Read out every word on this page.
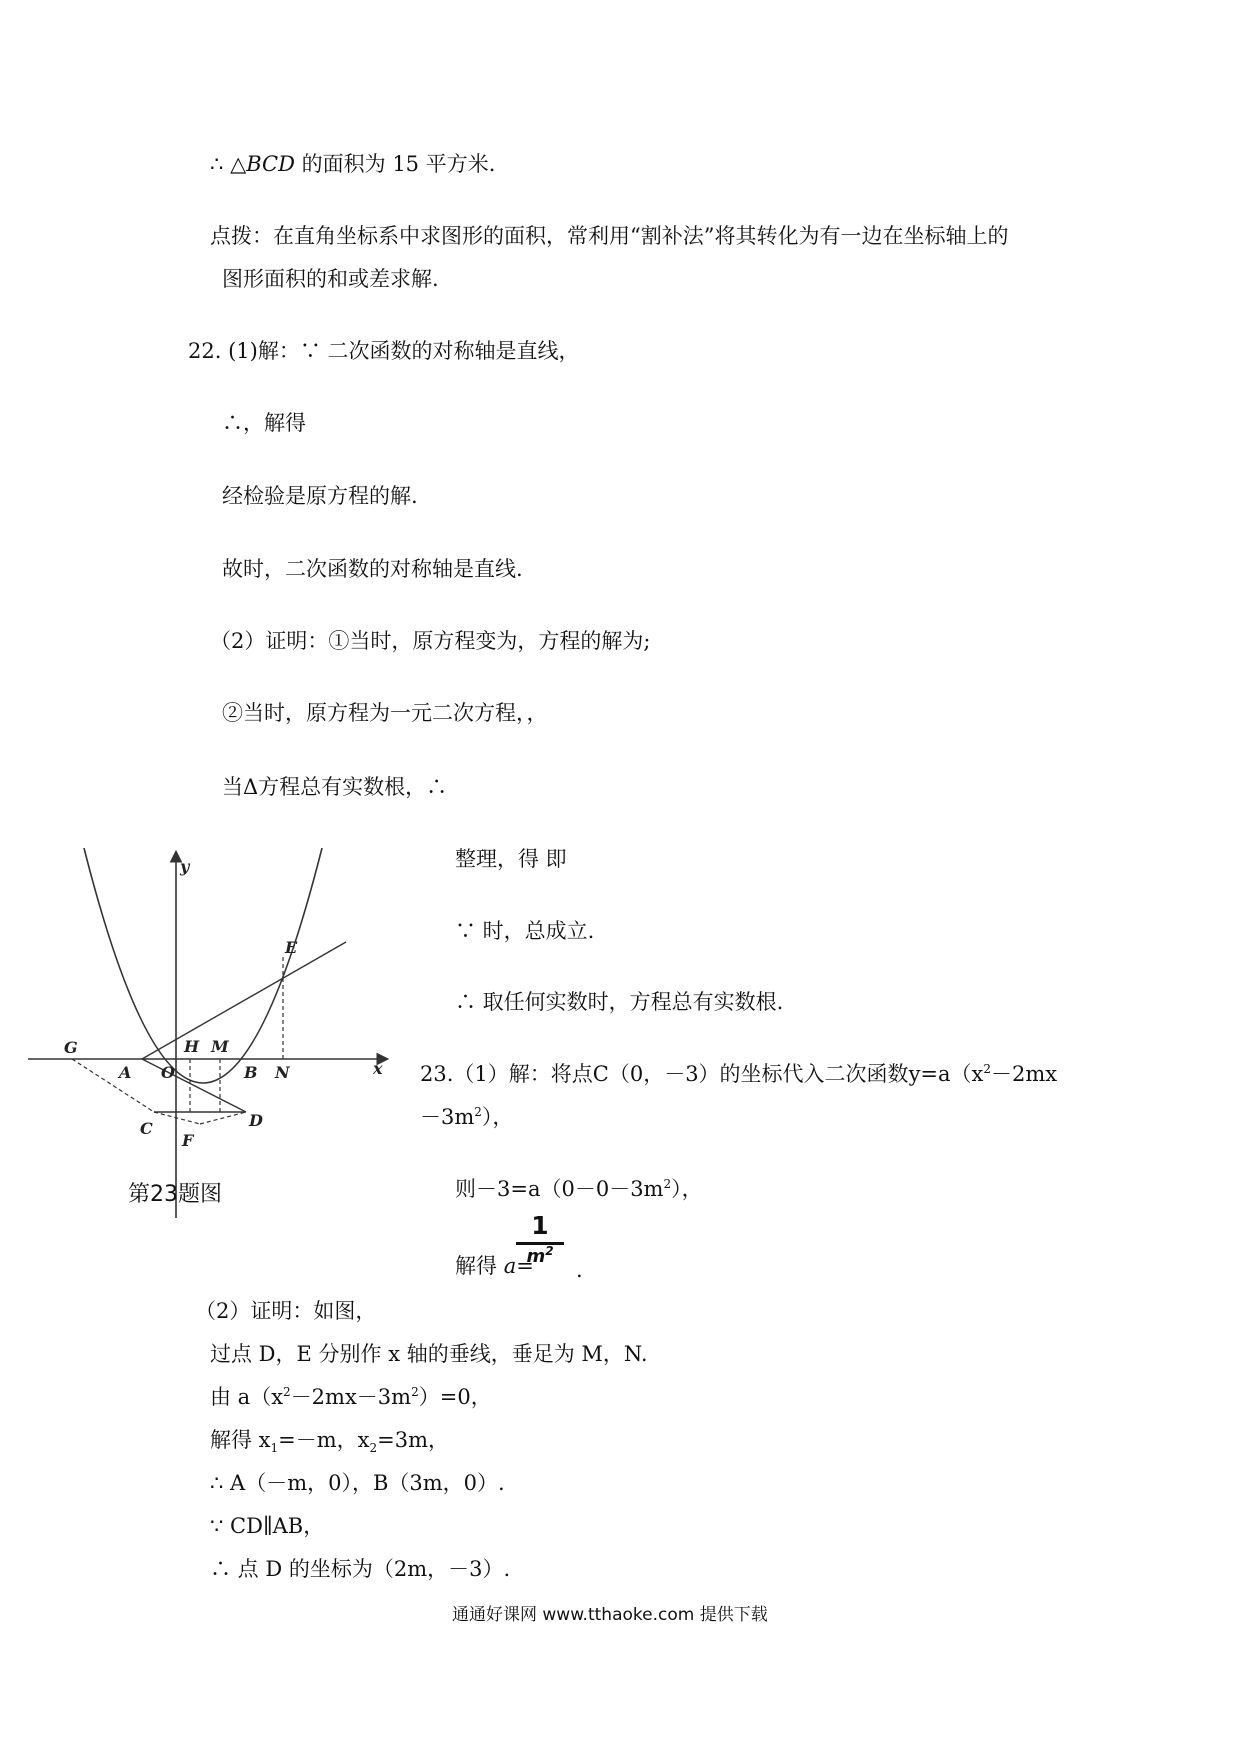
∴ △BCD 的面积为 15 平方米.
点拨：在直角坐标系中求图形的面积，常利用“割补法”将其转化为有一边在坐标轴上的
图形面积的和或差求解.
22. (1)解：∵ 二次函数的对称轴是直线，
∴，解得
经检验是原方程的解.
故时，二次函数的对称轴是直线.
（2）证明：①当时，原方程变为，方程的解为;
②当时，原方程为一元二次方程，，
当Δ方程总有实数根，∴
整理，得 即
∵ 时，总成立.
∴ 取任何实数时，方程总有实数根.
y
x
G
A O
H M
B N
E
C	D
F
第23题图
23.（1）解：将点C（0，－3）的坐标代入二次函数$y=a(x^2-2mx$
$-3m^2$），
则$-3=a(0-0-3m^2)$，
解得 a=
1
$m^2$
.
（2）证明：如图，
过点 D，E 分别作 x 轴的垂线，垂足为 M，N.
由 $a(x^2-2mx-3m^2)=0$，
解得 $x_1=-m$，$x_2=3m$，
∴ A（－m，0），B（3m，0）.
∵ CD∥AB，
∴ 点 D 的坐标为（2m，－3）.
通通好课网 www.tthaoke.com 提供下载
